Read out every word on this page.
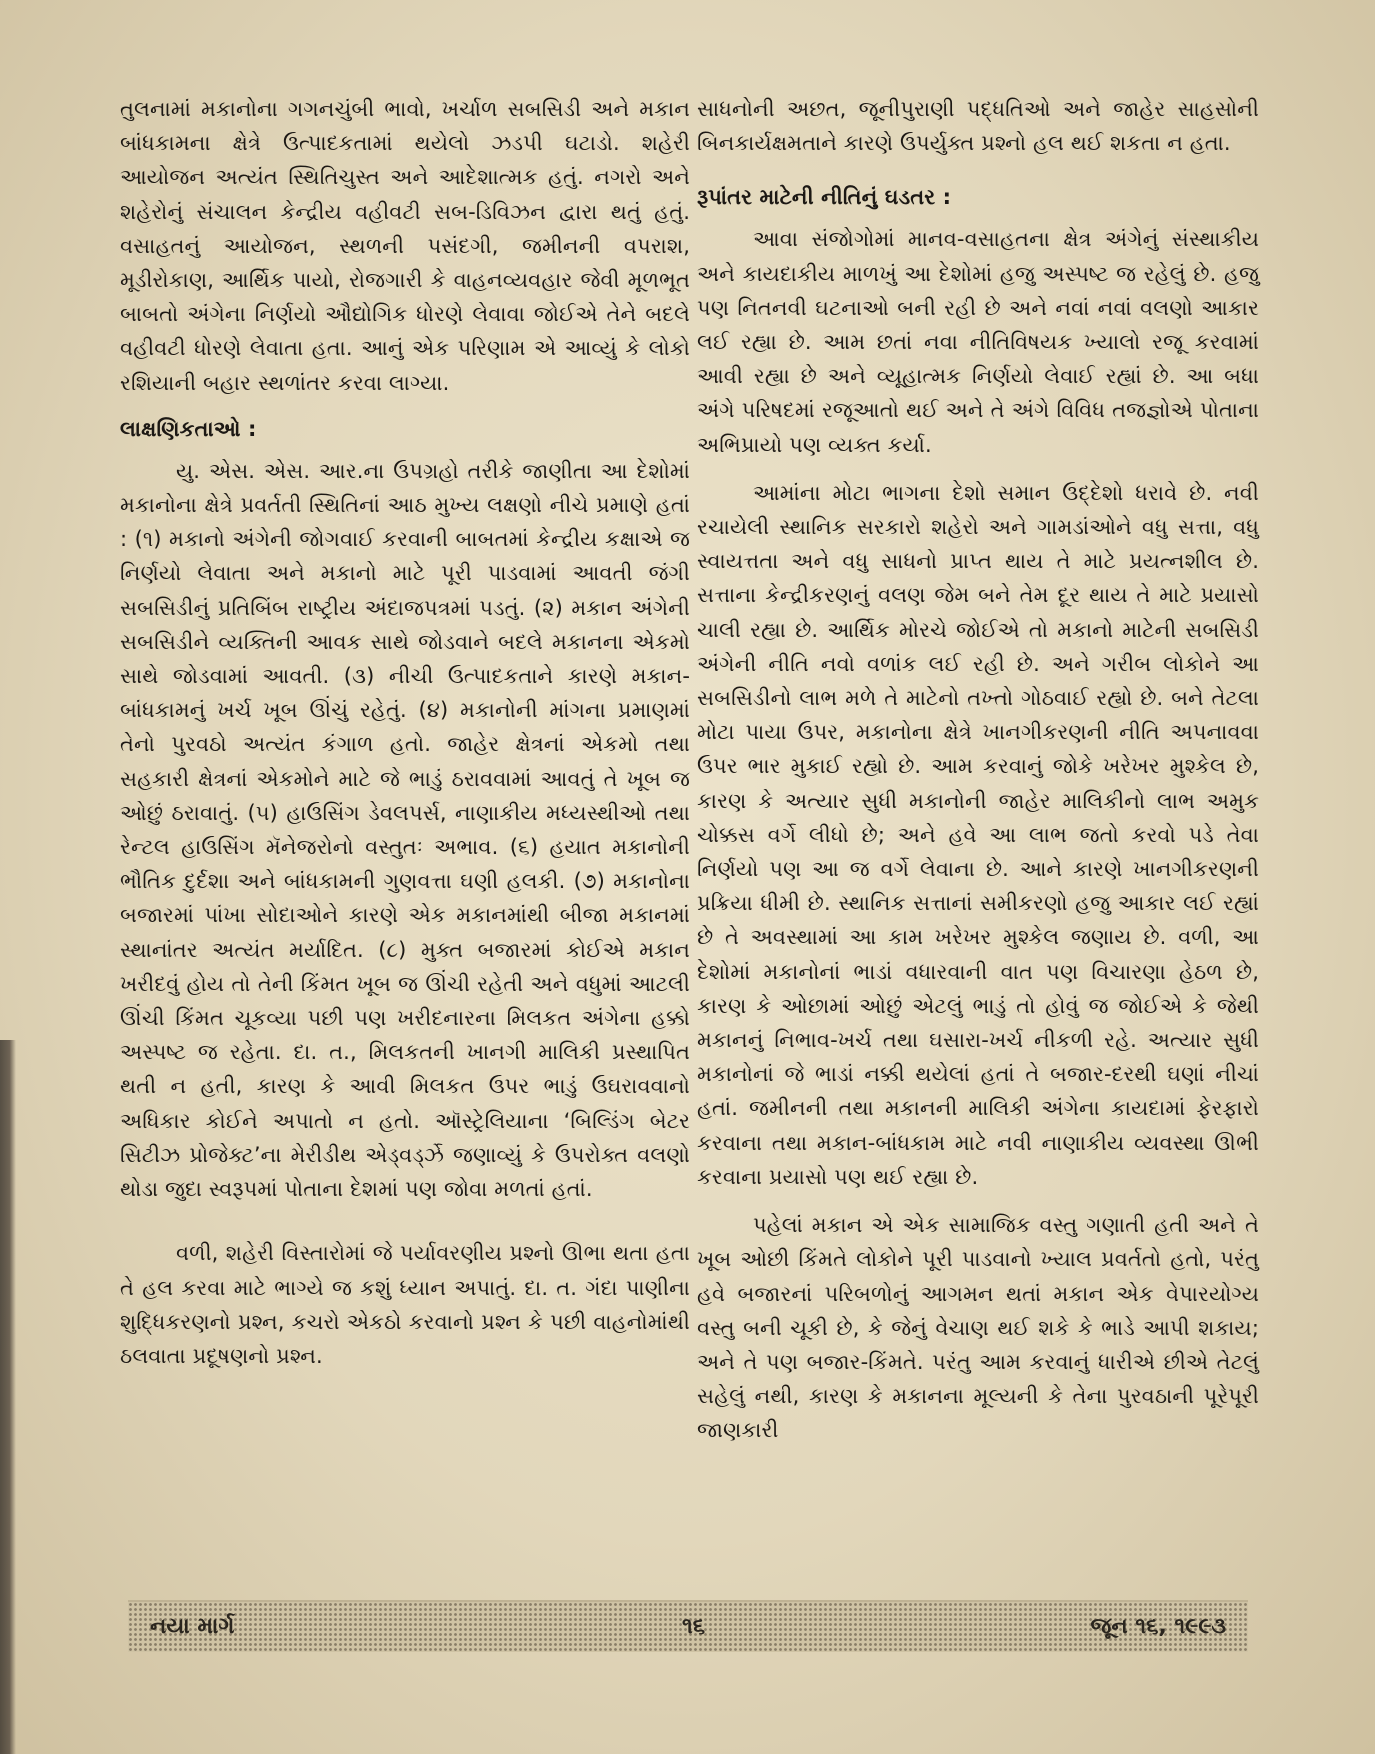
તુલનામાં મકાનોના ગગનચુંબી ભાવો, ખર્ચાળ સબસિડી અને મકાન બાંધકામના ક્ષેત્રે ઉત્પાદકતામાં થયેલો ઝડપી ઘટાડો. શહેરી આયોજન અત્યંત સ્થિતિચુસ્ત અને આદેશાત્મક હતું. નગરો અને શહેરોનું સંચાલન કેન્દ્રીય વહીવટી સબ-ડિવિઝન દ્વારા થતું હતું. વસાહતનું આયોજન, સ્થળની પસંદગી, જમીનની વપરાશ, મૂડીરોકાણ, આર્થિક પાયો, રોજગારી કે વાહનવ્યવહાર જેવી મૂળભૂત બાબતો અંગેના નિર્ણયો ઔદ્યોગિક ધોરણે લેવાવા જોઈએ તેને બદલે વહીવટી ધોરણે લેવાતા હતા. આનું એક પરિણામ એ આવ્યું કે લોકો રશિયાની બહાર સ્થળાંતર કરવા લાગ્યા.

લાક્ષણિકતાઓ :

યુ. એસ. એસ. આર.ના ઉપગ્રહો તરીકે જાણીતા આ દેશોમાં મકાનોના ક્ષેત્રે પ્રવર્તતી સ્થિતિનાં આઠ મુખ્ય લક્ષણો નીચે પ્રમાણે હતાં : (૧) મકાનો અંગેની જોગવાઈ કરવાની બાબતમાં કેન્દ્રીય કક્ષાએ જ નિર્ણયો લેવાતા અને મકાનો માટે પૂરી પાડવામાં આવતી જંગી સબસિડીનું પ્રતિબિંબ રાષ્ટ્રીય અંદાજપત્રમાં પડતું. (૨) મકાન અંગેની સબસિડીને વ્યક્તિની આવક સાથે જોડવાને બદલે મકાનના એકમો સાથે જોડવામાં આવતી. (૩) નીચી ઉત્પાદકતાને કારણે મકાન-બાંધકામનું ખર્ચ ખૂબ ઊંચું રહેતું. (૪) મકાનોની માંગના પ્રમાણમાં તેનો પુરવઠો અત્યંત કંગાળ હતો. જાહેર ક્ષેત્રનાં એકમો તથા સહકારી ક્ષેત્રનાં એકમોને માટે જે ભાડું ઠરાવવામાં આવતું તે ખૂબ જ ઓછું ઠરાવાતું. (૫) હાઉસિંગ ડેવલપર્સ, નાણાકીય મધ્યસ્થીઓ તથા રેન્ટલ હાઉસિંગ મૅનેજરોનો વસ્તુતઃ અભાવ. (૬) હયાત મકાનોની ભૌતિક દુર્દશા અને બાંધકામની ગુણવત્તા ઘણી હલકી. (૭) મકાનોના બજારમાં પાંખા સોદાઓને કારણે એક મકાનમાંથી બીજા મકાનમાં સ્થાનાંતર અત્યંત મર્યાદિત. (૮) મુક્ત બજારમાં કોઈએ મકાન ખરીદવું હોય તો તેની કિંમત ખૂબ જ ઊંચી રહેતી અને વધુમાં આટલી ઊંચી કિંમત ચૂકવ્યા પછી પણ ખરીદનારના મિલકત અંગેના હક્કો અસ્પષ્ટ જ રહેતા. દા. ત., મિલકતની ખાનગી માલિકી પ્રસ્થાપિત થતી ન હતી, કારણ કે આવી મિલકત ઉપર ભાડું ઉઘરાવવાનો અધિકાર કોઈને અપાતો ન હતો. ઑસ્ટ્રેલિયાના ‘બિલ્ડિંગ બેટર સિટીઝ પ્રોજેક્ટ’ના મેરીડીથ એડ્વર્ડ્ઝે જણાવ્યું કે ઉપરોક્ત વલણો થોડા જુદા સ્વરૂપમાં પોતાના દેશમાં પણ જોવા મળતાં હતાં.

વળી, શહેરી વિસ્તારોમાં જે પર્યાવરણીય પ્રશ્નો ઊભા થતા હતા તે હલ કરવા માટે ભાગ્યે જ કશું ધ્યાન અપાતું. દા. ત. ગંદા પાણીના શુદ્ધિકરણનો પ્રશ્ન, કચરો એકઠો કરવાનો પ્રશ્ન કે પછી વાહનોમાંથી ઠલવાતા પ્રદૂષણનો પ્રશ્ન.

સાધનોની અછત, જૂનીપુરાણી પદ્ધતિઓ અને જાહેર સાહસોની બિનકાર્યક્ષમતાને કારણે ઉપર્યુક્ત પ્રશ્નો હલ થઈ શકતા ન હતા.

રૂપાંતર માટેની નીતિનું ઘડતર :

આવા સંજોગોમાં માનવ-વસાહતના ક્ષેત્ર અંગેનું સંસ્થાકીય અને કાયદાકીય માળખું આ દેશોમાં હજુ અસ્પષ્ટ જ રહેલું છે. હજુ પણ નિતનવી ઘટનાઓ બની રહી છે અને નવાં નવાં વલણો આકાર લઈ રહ્યા છે. આમ છતાં નવા નીતિવિષયક ખ્યાલો રજૂ કરવામાં આવી રહ્યા છે અને વ્યૂહાત્મક નિર્ણયો લેવાઈ રહ્યાં છે. આ બધા અંગે પરિષદમાં રજૂઆતો થઈ અને તે અંગે વિવિધ તજજ્ઞોએ પોતાના અભિપ્રાયો પણ વ્યક્ત કર્યા.

આમાંના મોટા ભાગના દેશો સમાન ઉદ્દેશો ધરાવે છે. નવી રચાયેલી સ્થાનિક સરકારો શહેરો અને ગામડાંઓને વધુ સત્તા, વધુ સ્વાયત્તતા અને વધુ સાધનો પ્રાપ્ત થાય તે માટે પ્રયત્નશીલ છે. સત્તાના કેન્દ્રીકરણનું વલણ જેમ બને તેમ દૂર થાય તે માટે પ્રયાસો ચાલી રહ્યા છે. આર્થિક મોરચે જોઈએ તો મકાનો માટેની સબસિડી અંગેની નીતિ નવો વળાંક લઈ રહી છે. અને ગરીબ લોકોને આ સબસિડીનો લાભ મળે તે માટેનો તખ્તો ગોઠવાઈ રહ્યો છે. બને તેટલા મોટા પાયા ઉપર, મકાનોના ક્ષેત્રે ખાનગીકરણની નીતિ અપનાવવા ઉપર ભાર મુકાઈ રહ્યો છે. આમ કરવાનું જોકે ખરેખર મુશ્કેલ છે, કારણ કે અત્યાર સુધી મકાનોની જાહેર માલિકીનો લાભ અમુક ચોક્કસ વર્ગે લીધો છે; અને હવે આ લાભ જતો કરવો પડે તેવા નિર્ણયો પણ આ જ વર્ગે લેવાના છે. આને કારણે ખાનગીકરણની પ્રક્રિયા ધીમી છે. સ્થાનિક સત્તાનાં સમીકરણો હજુ આકાર લઈ રહ્યાં છે તે અવસ્થામાં આ કામ ખરેખર મુશ્કેલ જણાય છે. વળી, આ દેશોમાં મકાનોનાં ભાડાં વધારવાની વાત પણ વિચારણા હેઠળ છે, કારણ કે ઓછામાં ઓછું એટલું ભાડું તો હોવું જ જોઈએ કે જેથી મકાનનું નિભાવ-ખર્ચ તથા ઘસારા-ખર્ચ નીકળી રહે. અત્યાર સુધી મકાનોનાં જે ભાડાં નક્કી થયેલાં હતાં તે બજાર-દરથી ઘણાં નીચાં હતાં. જમીનની તથા મકાનની માલિકી અંગેના કાયદામાં ફેરફારો કરવાના તથા મકાન-બાંધકામ માટે નવી નાણાકીય વ્યવસ્થા ઊભી કરવાના પ્રયાસો પણ થઈ રહ્યા છે.

પહેલાં મકાન એ એક સામાજિક વસ્તુ ગણાતી હતી અને તે ખૂબ ઓછી કિંમતે લોકોને પૂરી પાડવાનો ખ્યાલ પ્રવર્તતો હતો, પરંતુ હવે બજારનાં પરિબળોનું આગમન થતાં મકાન એક વેપારયોગ્ય વસ્તુ બની ચૂકી છે, કે જેનું વેચાણ થઈ શકે કે ભાડે આપી શકાય; અને તે પણ બજાર-કિંમતે. પરંતુ આમ કરવાનું ધારીએ છીએ તેટલું સહેલું નથી, કારણ કે મકાનના મૂલ્યની કે તેના પુરવઠાની પૂરેપૂરી જાણકારી

નયા માર્ગ	૧૬	જૂન ૧૬, ૧૯૯૩
